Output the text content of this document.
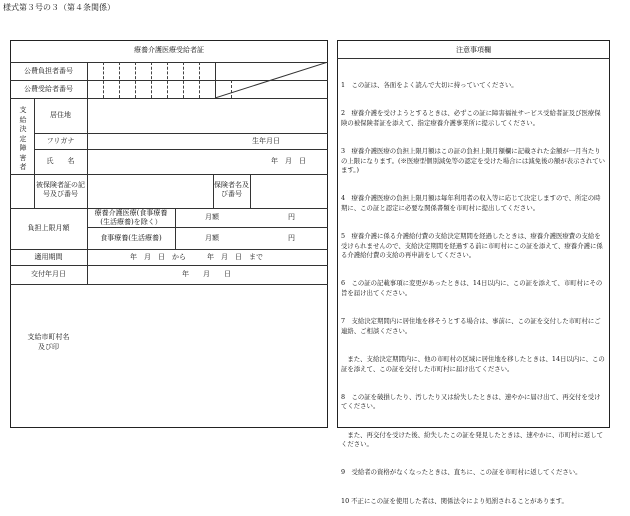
様式第３号の３（第４条関係）
療養介護医療受給者証
公費負担者番号
公費受給者番号
支給決定障害者
居住地
フリガナ	生年月日
氏　　名	年　月　日
被保険者証の記号及び番号
保険者名及び番号
負担上限月額
療養介護医療(食事療養
(生活療養)を除く）
月額	円
食事療養(生活療養)	月額	円
適用期間	年　月　日　から　　　年　月　日　まで
交付年月日	年　　月　　日
支給市町村名
及び印
注意事項欄

1　この証は、各面をよく読んで大切に持っていてください。

2　療養介護を受けようとするときは、必ずこの証に障害福祉サービス受給者証及び医療保険の被保険者証を添えて、指定療養介護事業所に提示してください。

3　療養介護医療の負担上限月額はこの証の負担上限月額欄に記載された金額が一月当たりの上限になります。(※医療型個別減免等の認定を受けた場合には減免後の額が表示されています。)

4　療養介護医療の負担上限月額は毎年利用者の収入等に応じて決定しますので、所定の時期に、この証と認定に必要な関係書類を市町村に提出してください。

5　療養介護に係る介護給付費の支給決定期間を経過したときは、療養介護医療費の支給を受けられませんので、支給決定期間を経過する前に市町村にこの証を添えて、療養介護に係る介護給付費の支給の再申請をしてください。

6　この証の記載事項に変更があったときは、14日以内に、この証を添えて、市町村にその旨を届け出てください。

7　支給決定期間内に居住地を移そうとする場合は、事前に、この証を交付した市町村にご連絡、ご相談ください。

　また、支給決定期間内に、他の市町村の区域に居住地を移したときは、14日以内に、この証を添えて、この証を交付した市町村に届け出てください。

8　この証を破損したり、汚したり又は紛失したときは、速やかに届け出て、再交付を受けてください。

　また、再交付を受けた後、紛失したこの証を発見したときは、速やかに、市町村に返してください。

9　受給者の資格がなくなったときは、直ちに、この証を市町村に返してください。

10 不正にこの証を使用した者は、関係法令により処罰されることがあります。
